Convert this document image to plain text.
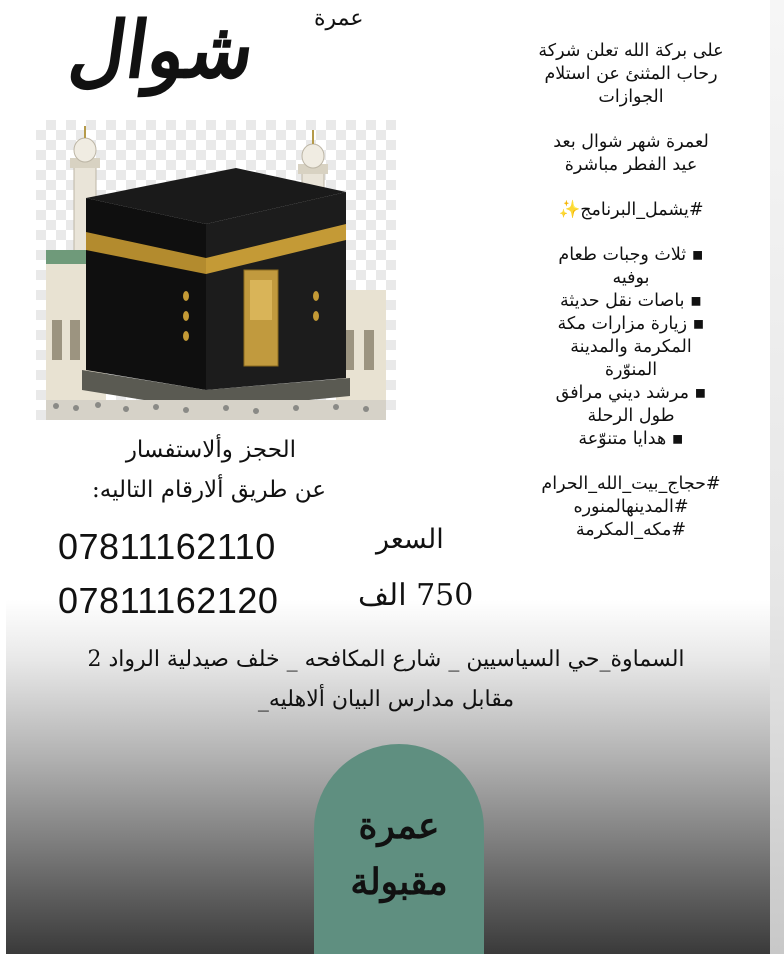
عمرة
شوال	على بركة الله تعلن شركة

رحاب المثنئ عن استلام

الجوازات

لعمرة شهر شوال بعد

عيد الفطر مباشرة

#يشمل_البرنامج✨

▪ ثلاث وجبات طعام

بوفيه

▪ باصات نقل حديثة

▪ زيارة مزارات مكة

المكرمة والمدينة

المنوّرة

▪ مرشد ديني مرافق

طول الرحلة

▪ هدايا متنوّعة

#حجاج_بيت_الله_الحرام

#المدينهالمنوره

#مكه_المكرمة

الحجز وألاستفسار
عن طريق ألارقام التاليه:
07811162110
07811162120
السعر
750 الف
السماوة_حي السياسيين _ شارع المكافحه _ خلف صيدلية الرواد 2
مقابل مدارس البيان ألاهليه_
عمرة
مقبولة
